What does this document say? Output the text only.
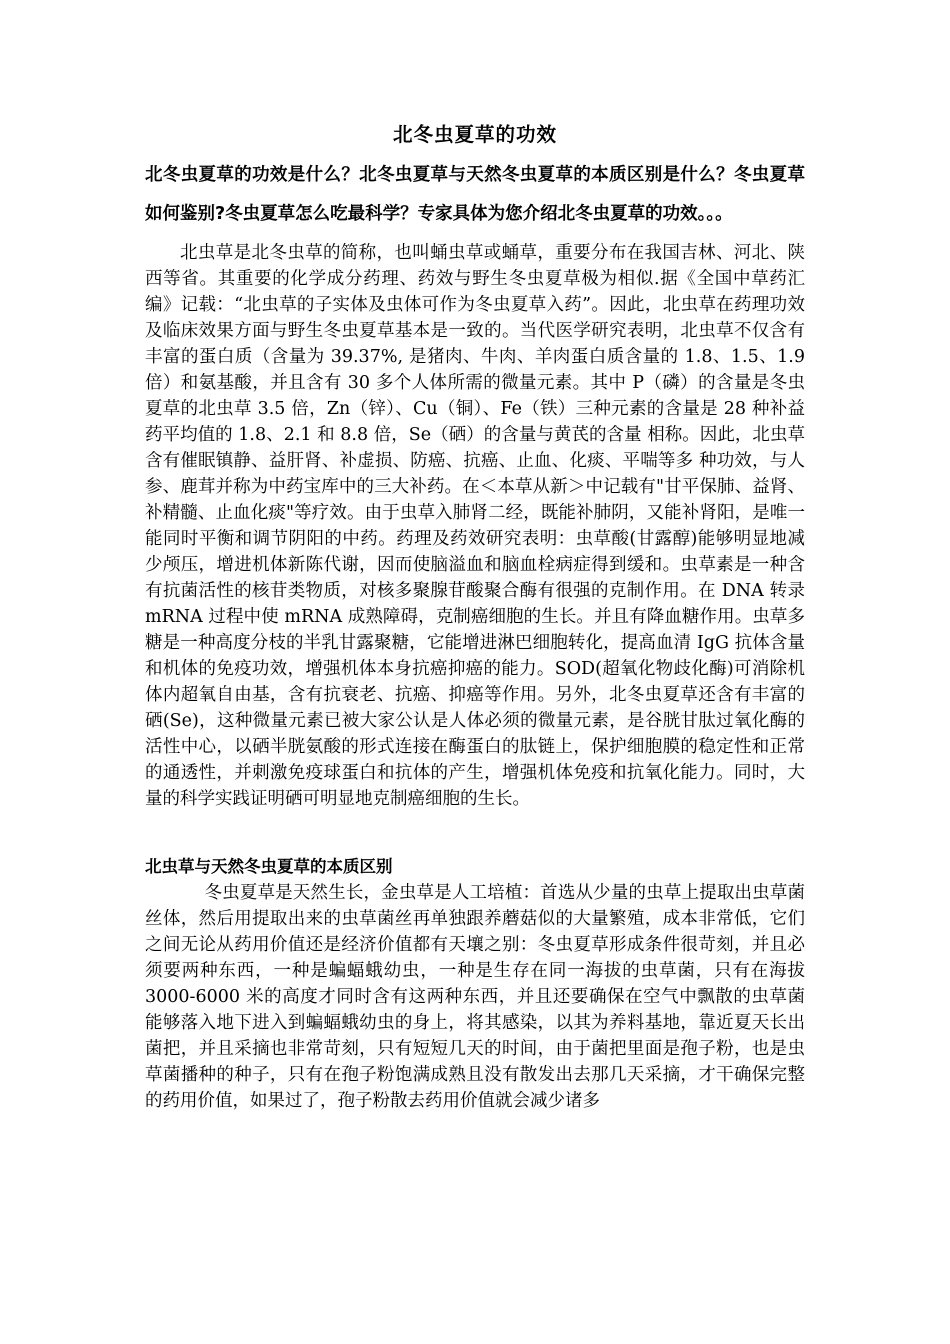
北冬虫夏草的功效

北冬虫夏草的功效是什么？北冬虫夏草与天然冬虫夏草的本质区别是什么？冬虫夏草如何鉴别?冬虫夏草怎么吃最科学？专家具体为您介绍北冬虫夏草的功效。。。

北虫草是北冬虫草的简称，也叫蛹虫草或蛹草，重要分布在我国吉林、河北、陕西等省。其重要的化学成分药理、药效与野生冬虫夏草极为相似.据《全国中草药汇编》记载：“北虫草的子实体及虫体可作为冬虫夏草入药”。因此，北虫草在药理功效及临床效果方面与野生冬虫夏草基本是一致的。当代医学研究表明，北虫草不仅含有丰富的蛋白质（含量为 39.37%, 是猪肉、牛肉、羊肉蛋白质含量的 1.8、1.5、1.9 倍）和氨基酸，并且含有 30 多个人体所需的微量元素。其中 P（磷）的含量是冬虫夏草的北虫草 3.5 倍，Zn（锌）、Cu（铜）、Fe（铁）三种元素的含量是 28 种补益药平均值的 1.8、2.1 和 8.8 倍，Se（硒）的含量与黄芪的含量 相称。因此，北虫草含有催眠镇静、益肝肾、补虚损、防癌、抗癌、止血、化痰、平喘等多 种功效，与人参、鹿茸并称为中药宝库中的三大补药。在＜本草从新＞中记载有"甘平保肺、益肾、补精髓、止血化痰"等疗效。由于虫草入肺肾二经，既能补肺阴，又能补肾阳，是唯一能同时平衡和调节阴阳的中药。药理及药效研究表明：虫草酸(甘露醇)能够明显地减少颅压，增进机体新陈代谢，因而使脑溢血和脑血栓病症得到缓和。虫草素是一种含有抗菌活性的核苷类物质，对核多聚腺苷酸聚合酶有很强的克制作用。在 DNA 转录 mRNA 过程中使 mRNA 成熟障碍，克制癌细胞的生长。并且有降血糖作用。虫草多糖是一种高度分枝的半乳甘露聚糖，它能增进淋巴细胞转化，提高血清 IgG 抗体含量和机体的免疫功效，增强机体本身抗癌抑癌的能力。SOD(超氧化物歧化酶)可消除机体内超氧自由基，含有抗衰老、抗癌、抑癌等作用。另外，北冬虫夏草还含有丰富的硒(Se)，这种微量元素已被大家公认是人体必须的微量元素，是谷胱甘肽过氧化酶的活性中心，以硒半胱氨酸的形式连接在酶蛋白的肽链上，保护细胞膜的稳定性和正常的通透性，并刺激免疫球蛋白和抗体的产生，增强机体免疫和抗氧化能力。同时，大量的科学实践证明硒可明显地克制癌细胞的生长。

北虫草与天然冬虫夏草的本质区别

冬虫夏草是天然生长，金虫草是人工培植：首选从少量的虫草上提取出虫草菌丝体，然后用提取出来的虫草菌丝再单独跟养蘑菇似的大量繁殖，成本非常低，它们之间无论从药用价值还是经济价值都有天壤之别：冬虫夏草形成条件很苛刻，并且必须要两种东西，一种是蝙蝠蛾幼虫，一种是生存在同一海拔的虫草菌，只有在海拔 3000-6000 米的高度才同时含有这两种东西，并且还要确保在空气中飘散的虫草菌能够落入地下进入到蝙蝠蛾幼虫的身上，将其感染，以其为养料基地，靠近夏天长出菌把，并且采摘也非常苛刻，只有短短几天的时间，由于菌把里面是孢子粉，也是虫草菌播种的种子，只有在孢子粉饱满成熟且没有散发出去那几天采摘，才干确保完整的药用价值，如果过了，孢子粉散去药用价值就会减少诸多
